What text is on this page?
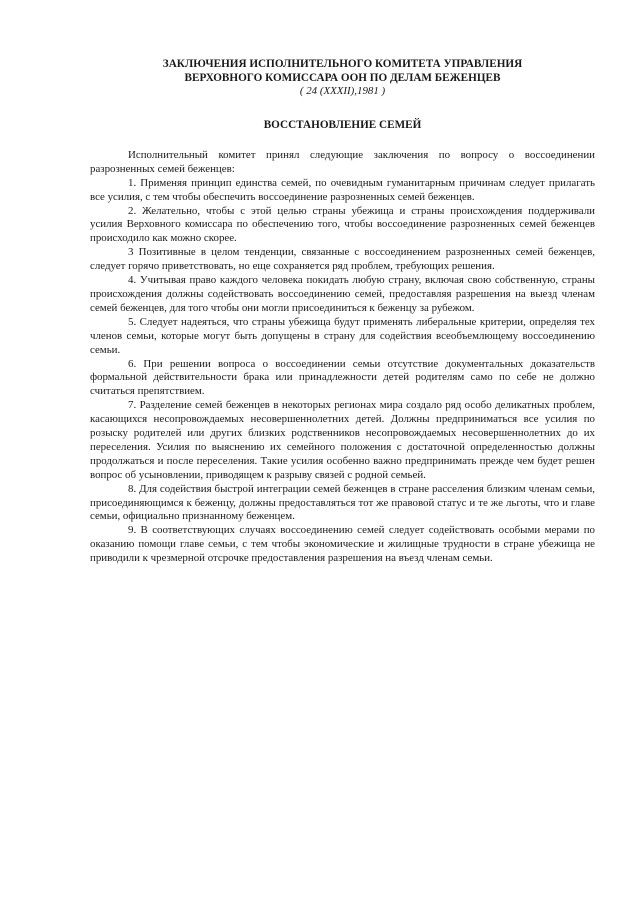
ЗАКЛЮЧЕНИЯ ИСПОЛНИТЕЛЬНОГО КОМИТЕТА УПРАВЛЕНИЯ

ВЕРХОВНОГО КОМИССАРА ООН ПО ДЕЛАМ БЕЖЕНЦЕВ

( 24 (XXXII),1981 )

ВОССТАНОВЛЕНИЕ СЕМЕЙ

Исполнительный комитет принял следующие заключения по вопросу о воссоединении разрозненных семей беженцев:

1. Применяя принцип единства семей, по очевидным гуманитарным причинам следует прилагать все усилия, с тем чтобы обеспечить воссоединение разрозненных семей беженцев.

2. Желательно, чтобы с этой целью страны убежища и страны происхождения поддерживали усилия Верховного комиссара по обеспечению того, чтобы воссоединение разрозненных семей беженцев происходило как можно скорее.

3 Позитивные в целом тенденции, связанные с воссоединением разрозненных семей беженцев, следует горячо приветствовать, но еще сохраняется ряд проблем, требующих решения.

4. Учитывая право каждого человека покидать любую страну, включая свою собственную, страны происхождения должны содействовать воссоединению семей, предоставляя разрешения на выезд членам семей беженцев, для того чтобы они могли присоединиться к беженцу за рубежом.

5. Следует надеяться, что страны убежища будут применять либеральные критерии, определяя тех членов семьи, которые могут быть допущены в страну для содействия всеобъемлющему воссоединению семьи.

6. При решении вопроса о воссоединении семьи отсутствие документальных доказательств формальной действительности брака или принадлежности детей родителям само по себе не должно считаться препятствием.

7. Разделение семей беженцев в некоторых регионах мира создало ряд особо деликатных проблем, касающихся несопровождаемых несовершеннолетних детей. Должны предприниматься все усилия по розыску родителей или других близких родственников несопровождаемых несовершеннолетних до их переселения. Усилия по выяснению их семейного положения с достаточной определенностью должны продолжаться и после переселения. Такие усилия особенно важно предпринимать прежде чем будет решен вопрос об усыновлении, приводящем к разрыву связей с родной семьей.

8. Для содействия быстрой интеграции семей беженцев в стране расселения близким членам семьи, присоединяющимся к беженцу, должны предоставляться тот же правовой статус и те же льготы, что и главе семьи, официально признанному беженцем.

9. В соответствующих случаях воссоединению семей следует содействовать особыми мерами по оказанию помощи главе семьи, с тем чтобы экономические и жилищные трудности в стране убежища не приводили к чрезмерной отсрочке предоставления разрешения на въезд членам семьи.
